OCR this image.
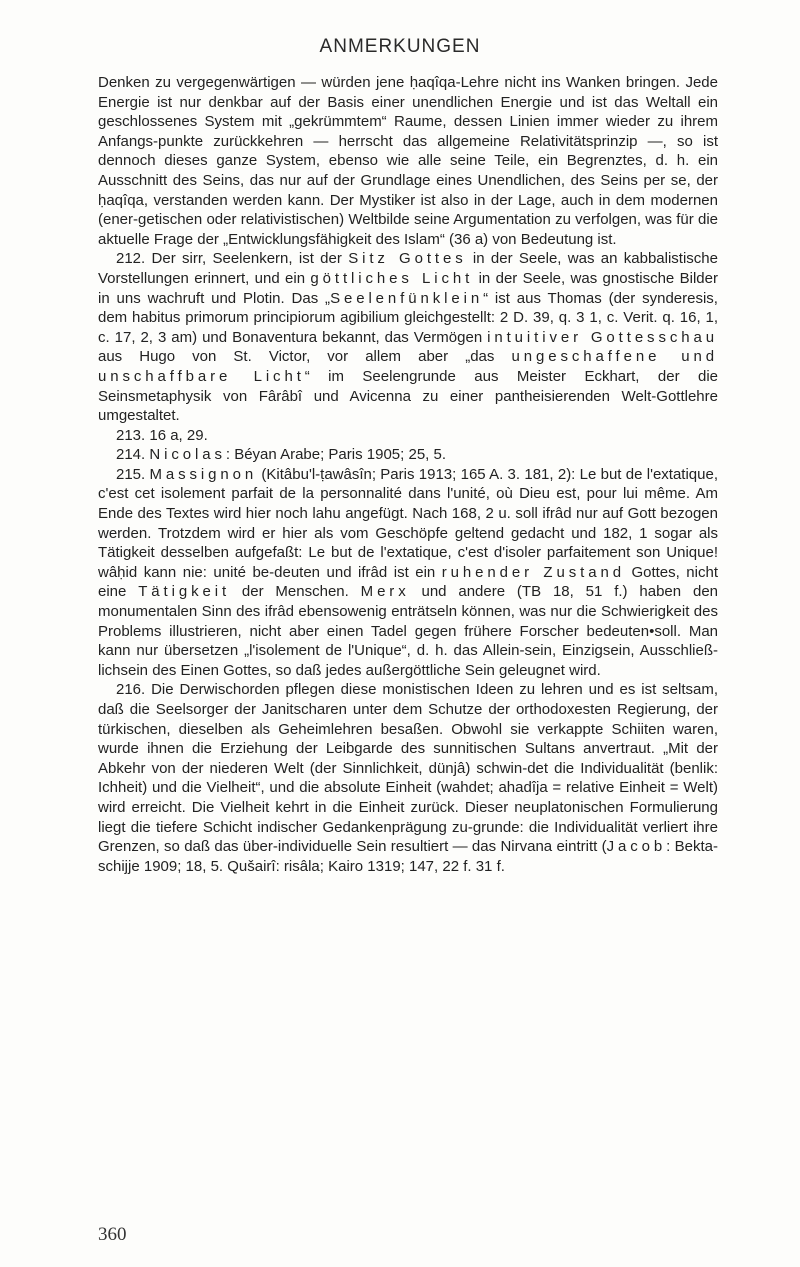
ANMERKUNGEN

Denken zu vergegenwärtigen — würden jene ḥaqîqa-Lehre nicht ins Wanken bringen. Jede Energie ist nur denkbar auf der Basis einer unendlichen Energie und ist das Weltall ein geschlossenes System mit „gekrümmtem“ Raume, dessen Linien immer wieder zu ihrem Anfangs-punkte zurückkehren — herrscht das allgemeine Relativitätsprinzip —, so ist dennoch dieses ganze System, ebenso wie alle seine Teile, ein Begrenztes, d. h. ein Ausschnitt des Seins, das nur auf der Grundlage eines Unendlichen, des Seins per se, der ḥaqîqa, verstanden werden kann. Der Mystiker ist also in der Lage, auch in dem modernen (ener-getischen oder relativistischen) Weltbilde seine Argumentation zu verfolgen, was für die aktuelle Frage der „Entwicklungsfähigkeit des Islam“ (36 a) von Bedeutung ist.

212. Der sirr, Seelenkern, ist der Sitz Gottes in der Seele, was an kabbalistische Vorstellungen erinnert, und ein göttliches Licht in der Seele, was gnostische Bilder in uns wachruft und Plotin. Das „Seelenfünklein“ ist aus Thomas (der synderesis, dem habitus primorum principiorum agibilium gleichgestellt: 2 D. 39, q. 3 1, c. Verit. q. 16, 1, c. 17, 2, 3 am) und Bonaventura bekannt, das Vermögen intuitiver Gottesschau aus Hugo von St. Victor, vor allem aber „das ungeschaffene und unschaffbare Licht“ im Seelengrunde aus Meister Eckhart, der die Seinsmetaphysik von Fârâbî und Avicenna zu einer pantheisierenden Welt-Gottlehre umgestaltet.

213. 16 a, 29.

214. Nicolas: Béyan Arabe; Paris 1905; 25, 5.

215. Massignon (Kitâbu'l-ṭawâsîn; Paris 1913; 165 A. 3. 181, 2): Le but de l'extatique, c'est cet isolement parfait de la personnalité dans l'unité, où Dieu est, pour lui même. Am Ende des Textes wird hier noch lahu angefügt. Nach 168, 2 u. soll ifrâd nur auf Gott bezogen werden. Trotzdem wird er hier als vom Geschöpfe geltend gedacht und 182, 1 sogar als Tätigkeit desselben aufgefaßt: Le but de l'extatique, c'est d'isoler parfaitement son Unique! wâḥid kann nie: unité be-deuten und ifrâd ist ein ruhender Zustand Gottes, nicht eine Tätigkeit der Menschen. Merx und andere (TB 18, 51 f.) haben den monumentalen Sinn des ifrâd ebensowenig enträtseln können, was nur die Schwierigkeit des Problems illustrieren, nicht aber einen Tadel gegen frühere Forscher bedeuten•soll. Man kann nur übersetzen „l'isolement de l'Unique“, d. h. das Allein-sein, Einzigsein, Ausschließ-lichsein des Einen Gottes, so daß jedes außergöttliche Sein geleugnet wird.

216. Die Derwischorden pflegen diese monistischen Ideen zu lehren und es ist seltsam, daß die Seelsorger der Janitscharen unter dem Schutze der orthodoxesten Regierung, der türkischen, dieselben als Geheimlehren besaßen. Obwohl sie verkappte Schiiten waren, wurde ihnen die Erziehung der Leibgarde des sunnitischen Sultans anvertraut. „Mit der Abkehr von der niederen Welt (der Sinnlichkeit, dünjâ) schwin-det die Individualität (benlik: Ichheit) und die Vielheit“, und die absolute Einheit (wahdet; ahadîja = relative Einheit = Welt) wird erreicht. Die Vielheit kehrt in die Einheit zurück. Dieser neuplatonischen Formulierung liegt die tiefere Schicht indischer Gedankenprägung zu-grunde: die Individualität verliert ihre Grenzen, so daß das über-individuelle Sein resultiert — das Nirvana eintritt (Jacob: Bekta-schijje 1909; 18, 5. Qušairî: risâla; Kairo 1319; 147, 22 f. 31 f.

360
